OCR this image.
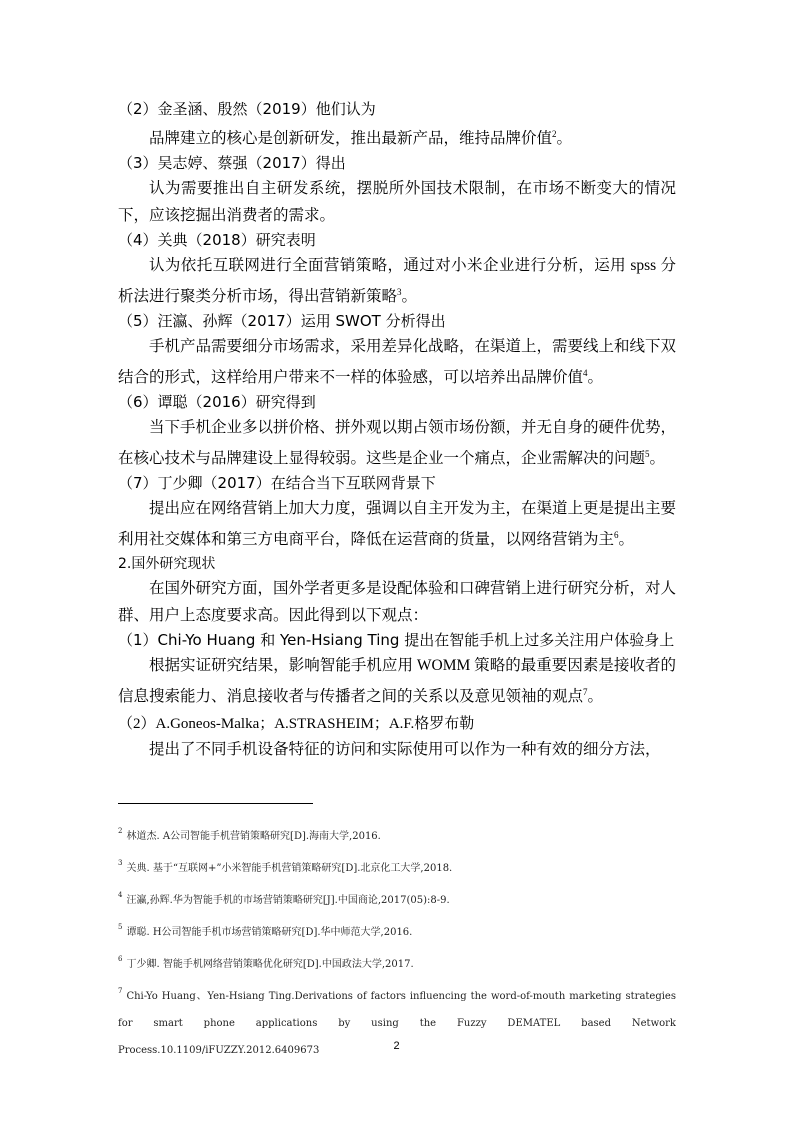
（2）金圣涵、殷然（2019）他们认为

品牌建立的核心是创新研发，推出最新产品，维持品牌价值$^2$。

（3）吴志婷、蔡强（2017）得出

认为需要推出自主研发系统，摆脱所外国技术限制，在市场不断变大的情况下，应该挖掘出消费者的需求。

（4）关典（2018）研究表明

认为依托互联网进行全面营销策略，通过对小米企业进行分析，运用 spss 分析法进行聚类分析市场，得出营销新策略$^3$。

（5）汪瀛、孙辉（2017）运用 SWOT 分析得出

手机产品需要细分市场需求，采用差异化战略，在渠道上，需要线上和线下双结合的形式，这样给用户带来不一样的体验感，可以培养出品牌价值$^4$。

（6）谭聪（2016）研究得到

当下手机企业多以拼价格、拼外观以期占领市场份额，并无自身的硬件优势，在核心技术与品牌建设上显得较弱。这些是企业一个痛点，企业需解决的问题$^5$。

（7）丁少卿（2017）在结合当下互联网背景下

提出应在网络营销上加大力度，强调以自主开发为主，在渠道上更是提出主要利用社交媒体和第三方电商平台，降低在运营商的货量，以网络营销为主$^6$。

2.国外研究现状

在国外研究方面，国外学者更多是设配体验和口碑营销上进行研究分析，对人群、用户上态度要求高。因此得到以下观点：

（1）Chi-Yo Huang 和 Yen-Hsiang Ting 提出在智能手机上过多关注用户体验身上

根据实证研究结果，影响智能手机应用 WOMM 策略的最重要因素是接收者的信息搜索能力、消息接收者与传播者之间的关系以及意见领袖的观点$^7$。

（2）A.Goneos-Malka；A.STRASHEIM；A.F.格罗布勒

提出了不同手机设备特征的访问和实际使用可以作为一种有效的细分方法，

$^2$ 林道杰. A公司智能手机营销策略研究[D].海南大学,2016.

$^3$ 关典. 基于“互联网+”小米智能手机营销策略研究[D].北京化工大学,2018.

$^4$ 汪瀛,孙辉.华为智能手机的市场营销策略研究[J].中国商论,2017(05):8-9.

$^5$ 谭聪. H公司智能手机市场营销策略研究[D].华中师范大学,2016.

$^6$ 丁少卿. 智能手机网络营销策略优化研究[D].中国政法大学,2017.

$^7$ Chi-Yo Huang、Yen-Hsiang Ting.Derivations of factors influencing the word-of-mouth marketing strategies for smart phone applications by using the Fuzzy DEMATEL based Network Process.10.1109/iFUZZY.2012.6409673	2
